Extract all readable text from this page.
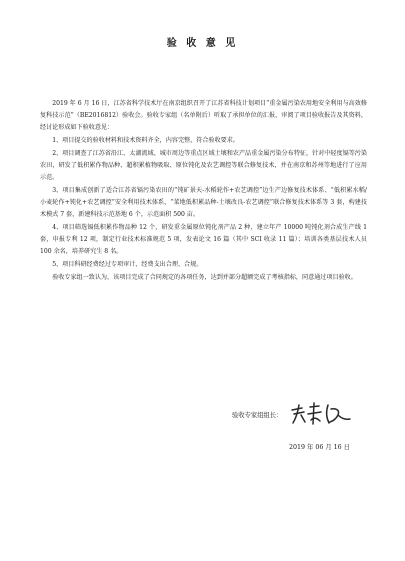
验 收 意 见

2019 年 6 月 16 日，江苏省科学技术厅在南京组织召开了江苏省科技计划项目“重金属污染农用地安全利用与高效修复科技示范”（BE2016812）验收会。验收专家组（名单附后）听取了承担单位的汇报，审阅了项目验收报告及其资料，经讨论形成如下验收意见：

1、项目提交的验收材料和技术资料齐全，内容完整，符合验收要求。

2、项目调查了江苏省沿江、太湖流域、城市周边等重点区域土壤和农产品重金属污染分布特征，针对中轻度镉等污染农田，研发了低积累作物品种、超积累植物吸取、原位钝化及农艺调控等联合修复技术，并在南京和苏州等地进行了应用示范。

3、项目集成创新了适合江苏省镉污染农田的“钝矿景天-水稻轮作+农艺调控”边生产边修复技术体系、“低积累水稻/小麦轮作+钝化+农艺调控”安全利用技术体系、“菜地低积累品种-土壤改良-农艺调控”联合修复技术体系等 3 套，构建技术模式 7 套，新建科技示范基地 6 个，示范面积 500 亩。

4、项目筛选镉低积累作物品种 12 个，研发重金属原位钝化剂产品 2 种，建立年产 10000 吨钝化剂合成生产线 1 套，申报专利 12 项，制定行业技术标准规范 5 项，发表论文 16 篇（其中 SCI 收录 11 篇）；培训各类基层技术人员 100 余名，培养研究生 8 名。

5、项目科研经费经过专项审计，经费支出合理、合规。

验收专家组一致认为，该项目完成了合同规定的各项任务，达到并部分超额完成了考核指标，同意通过项目验收。

验收专家组组长：
2019 年 06 月 16 日
